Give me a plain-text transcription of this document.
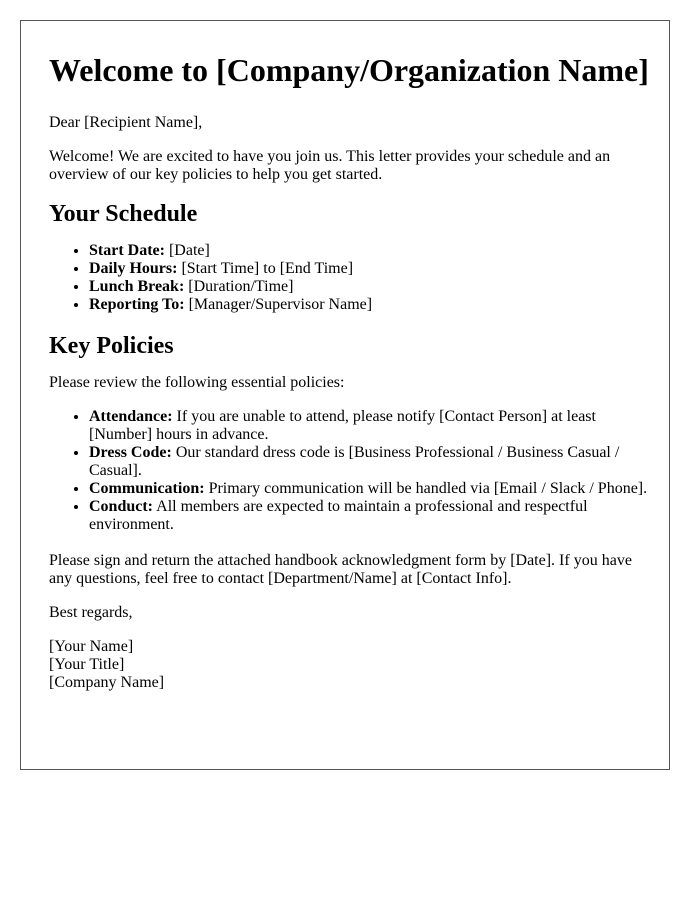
Welcome to [Company/Organization Name]

Dear [Recipient Name],

Welcome! We are excited to have you join us. This letter provides your schedule and an overview of our key policies to help you get started.

Your Schedule
• Start Date: [Date]
• Daily Hours: [Start Time] to [End Time]
• Lunch Break: [Duration/Time]
• Reporting To: [Manager/Supervisor Name]
Key Policies

Please review the following essential policies:

• Attendance: If you are unable to attend, please notify [Contact Person] at least [Number] hours in advance.
• Dress Code: Our standard dress code is [Business Professional / Business Casual / Casual].
• Communication: Primary communication will be handled via [Email / Slack / Phone].
• Conduct: All members are expected to maintain a professional and respectful environment.

Please sign and return the attached handbook acknowledgment form by [Date]. If you have any questions, feel free to contact [Department/Name] at [Contact Info].

Best regards,

[Your Name]
[Your Title]
[Company Name]
